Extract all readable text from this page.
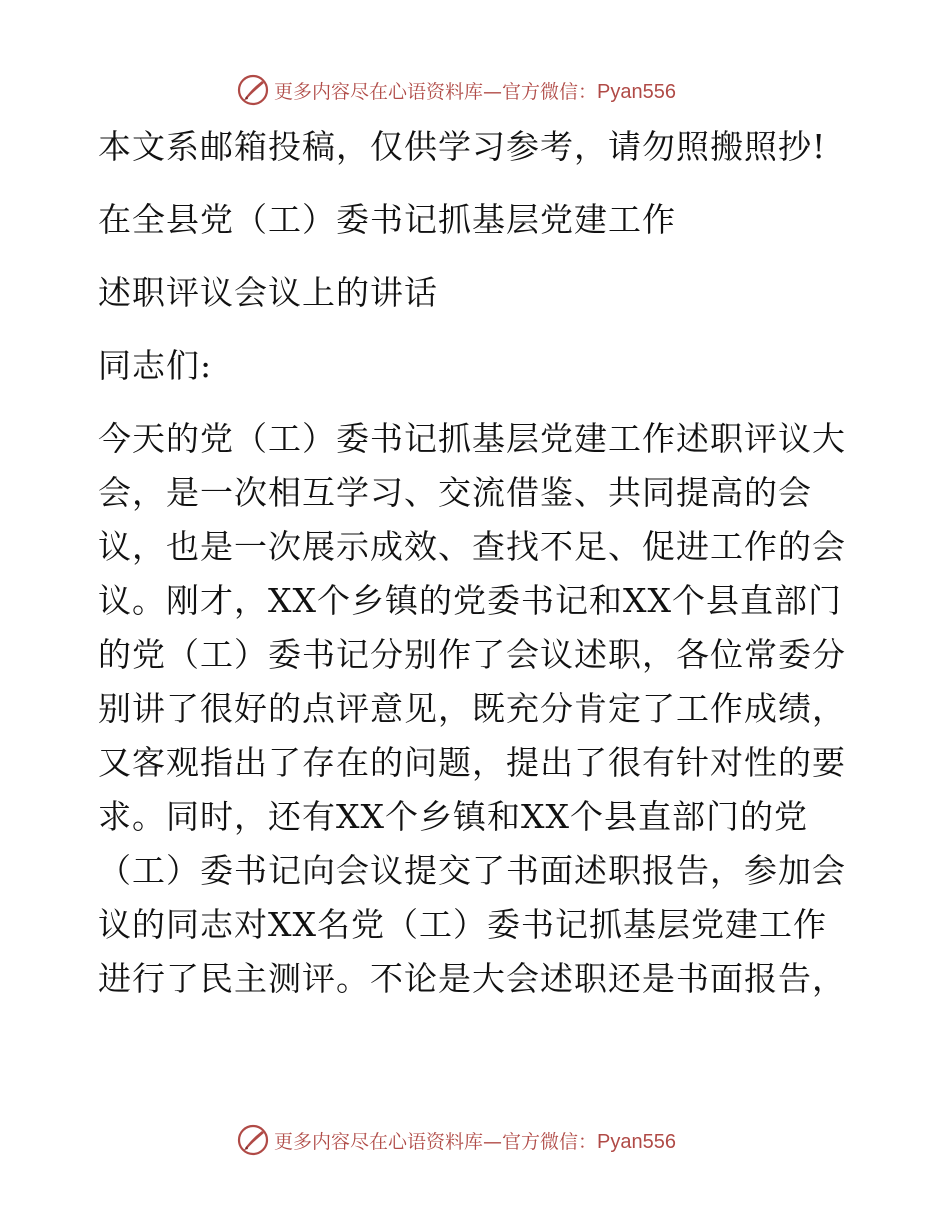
更多内容尽在心语资料库—官方微信：Pyan556

本文系邮箱投稿，仅供学习参考，请勿照搬照抄!

在全县党（工）委书记抓基层党建工作

述职评议会议上的讲话

同志们:

今天的党（工）委书记抓基层党建工作述职评议大会，是一次相互学习、交流借鉴、共同提高的会议，也是一次展示成效、查找不足、促进工作的会议。刚才，XX个乡镇的党委书记和XX个县直部门的党（工）委书记分别作了会议述职，各位常委分别讲了很好的点评意见，既充分肯定了工作成绩，又客观指出了存在的问题，提出了很有针对性的要求。同时，还有XX个乡镇和XX个县直部门的党（工）委书记向会议提交了书面述职报告，参加会议的同志对XX名党（工）委书记抓基层党建工作进行了民主测评。不论是大会述职还是书面报告，

更多内容尽在心语资料库—官方微信：Pyan556
